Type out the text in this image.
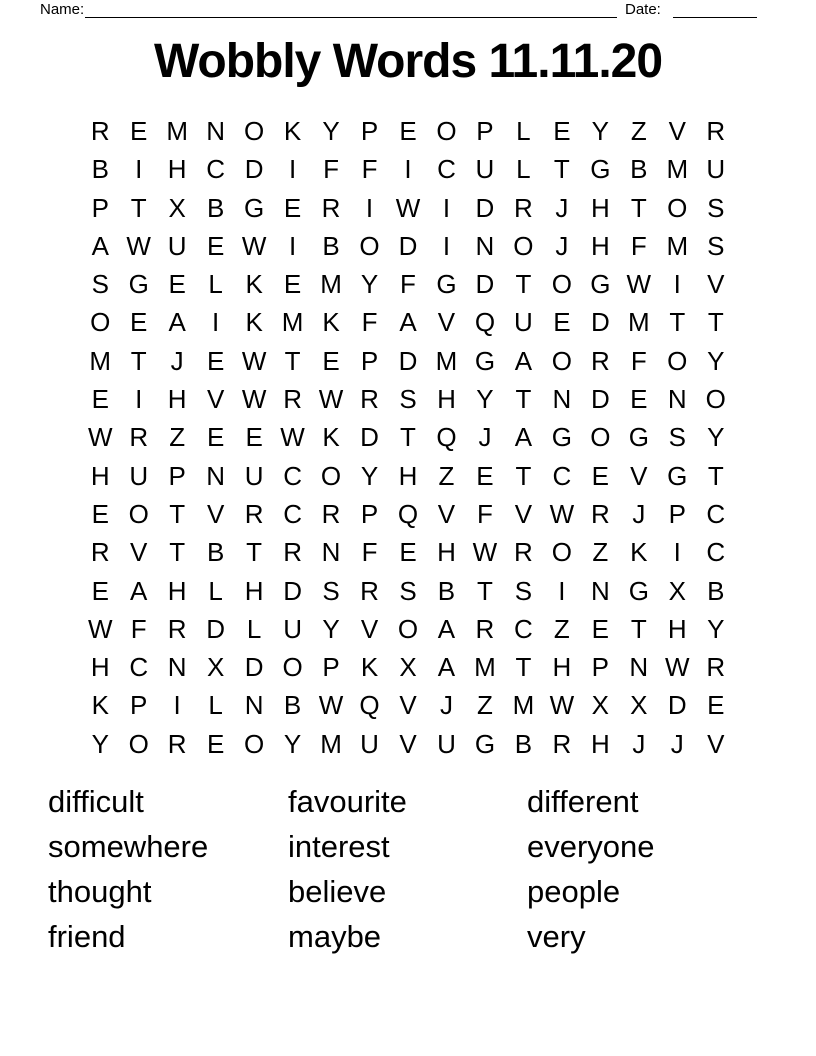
Name:	Date:
Wobbly Words 11.11.20
R E M N O K Y P E O P L E Y Z V R
B	I H C D I	F F	I C U L T G B M U
P T X B G E R I W I D R J H T O S
A W U E W I	B O D I N O J H F M S
S G E L K E M Y F G D T O G W I	V
O E A	I	K M K F A V Q U E D M T T
M T J E W T E P D M G A O R F O Y
E	I H V W R W R S H Y T N D E N O
W R Z E E W K D T Q J A G O G S Y
H U P N U C O Y H Z E T C E V G T
E O T V R C R P Q V F V W R J P C
R V T B T R N F E H W R O Z K	I C
E A H L H D S R S B T S	I N G X B
W F R D L U Y V O A R C Z E T H Y
H C N X D O P K X A M T H P N W R
K P	I	L N B W Q V J Z M W X X D E
Y O R E O Y M U V U G B R H J J V
difficult
somewhere
thought
friend
favourite
interest
believe
maybe
different
everyone
people
very
